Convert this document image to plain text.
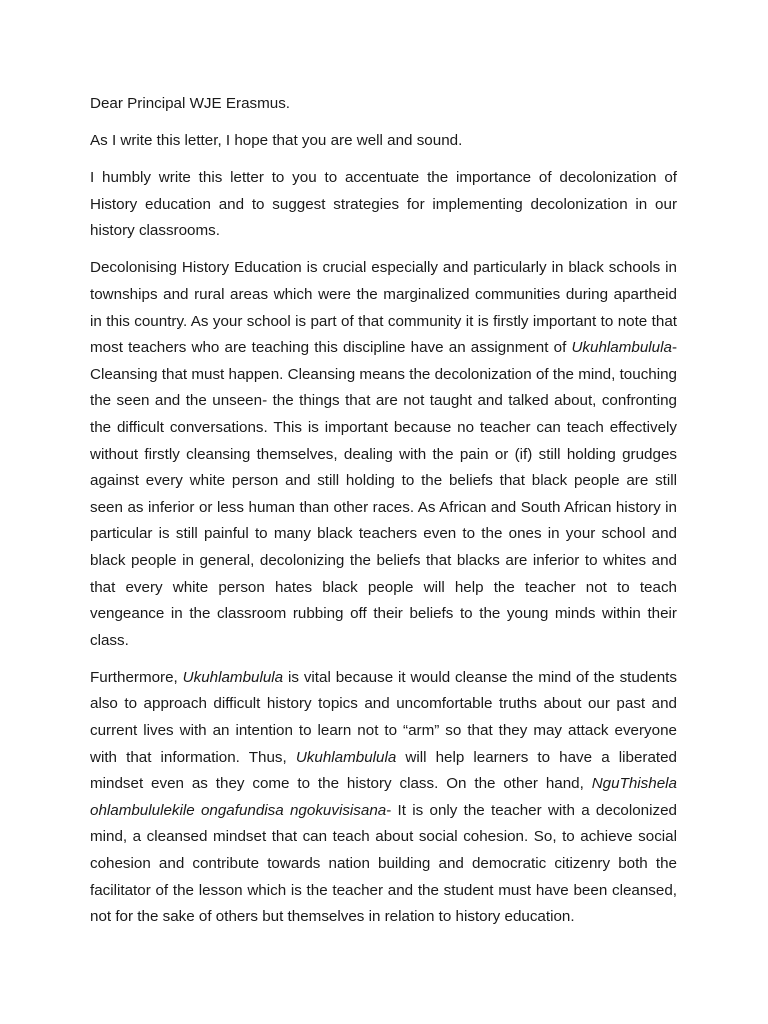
Dear Principal WJE Erasmus.

As I write this letter, I hope that you are well and sound.

I humbly write this letter to you to accentuate the importance of decolonization of History education and to suggest strategies for implementing decolonization in our history classrooms.

Decolonising History Education is crucial especially and particularly in black schools in townships and rural areas which were the marginalized communities during apartheid in this country. As your school is part of that community it is firstly important to note that most teachers who are teaching this discipline have an assignment of Ukuhlambulula-Cleansing that must happen. Cleansing means the decolonization of the mind, touching the seen and the unseen- the things that are not taught and talked about, confronting the difficult conversations. This is important because no teacher can teach effectively without firstly cleansing themselves, dealing with the pain or (if) still holding grudges against every white person and still holding to the beliefs that black people are still seen as inferior or less human than other races. As African and South African history in particular is still painful to many black teachers even to the ones in your school and black people in general, decolonizing the beliefs that blacks are inferior to whites and that every white person hates black people will help the teacher not to teach vengeance in the classroom rubbing off their beliefs to the young minds within their class.

Furthermore, Ukuhlambulula is vital because it would cleanse the mind of the students also to approach difficult history topics and uncomfortable truths about our past and current lives with an intention to learn not to “arm” so that they may attack everyone with that information. Thus, Ukuhlambulula will help learners to have a liberated mindset even as they come to the history class. On the other hand, NguThishela ohlambululekile ongafundisa ngokuvisisana- It is only the teacher with a decolonized mind, a cleansed mindset that can teach about social cohesion. So, to achieve social cohesion and contribute towards nation building and democratic citizenry both the facilitator of the lesson which is the teacher and the student must have been cleansed, not for the sake of others but themselves in relation to history education.
